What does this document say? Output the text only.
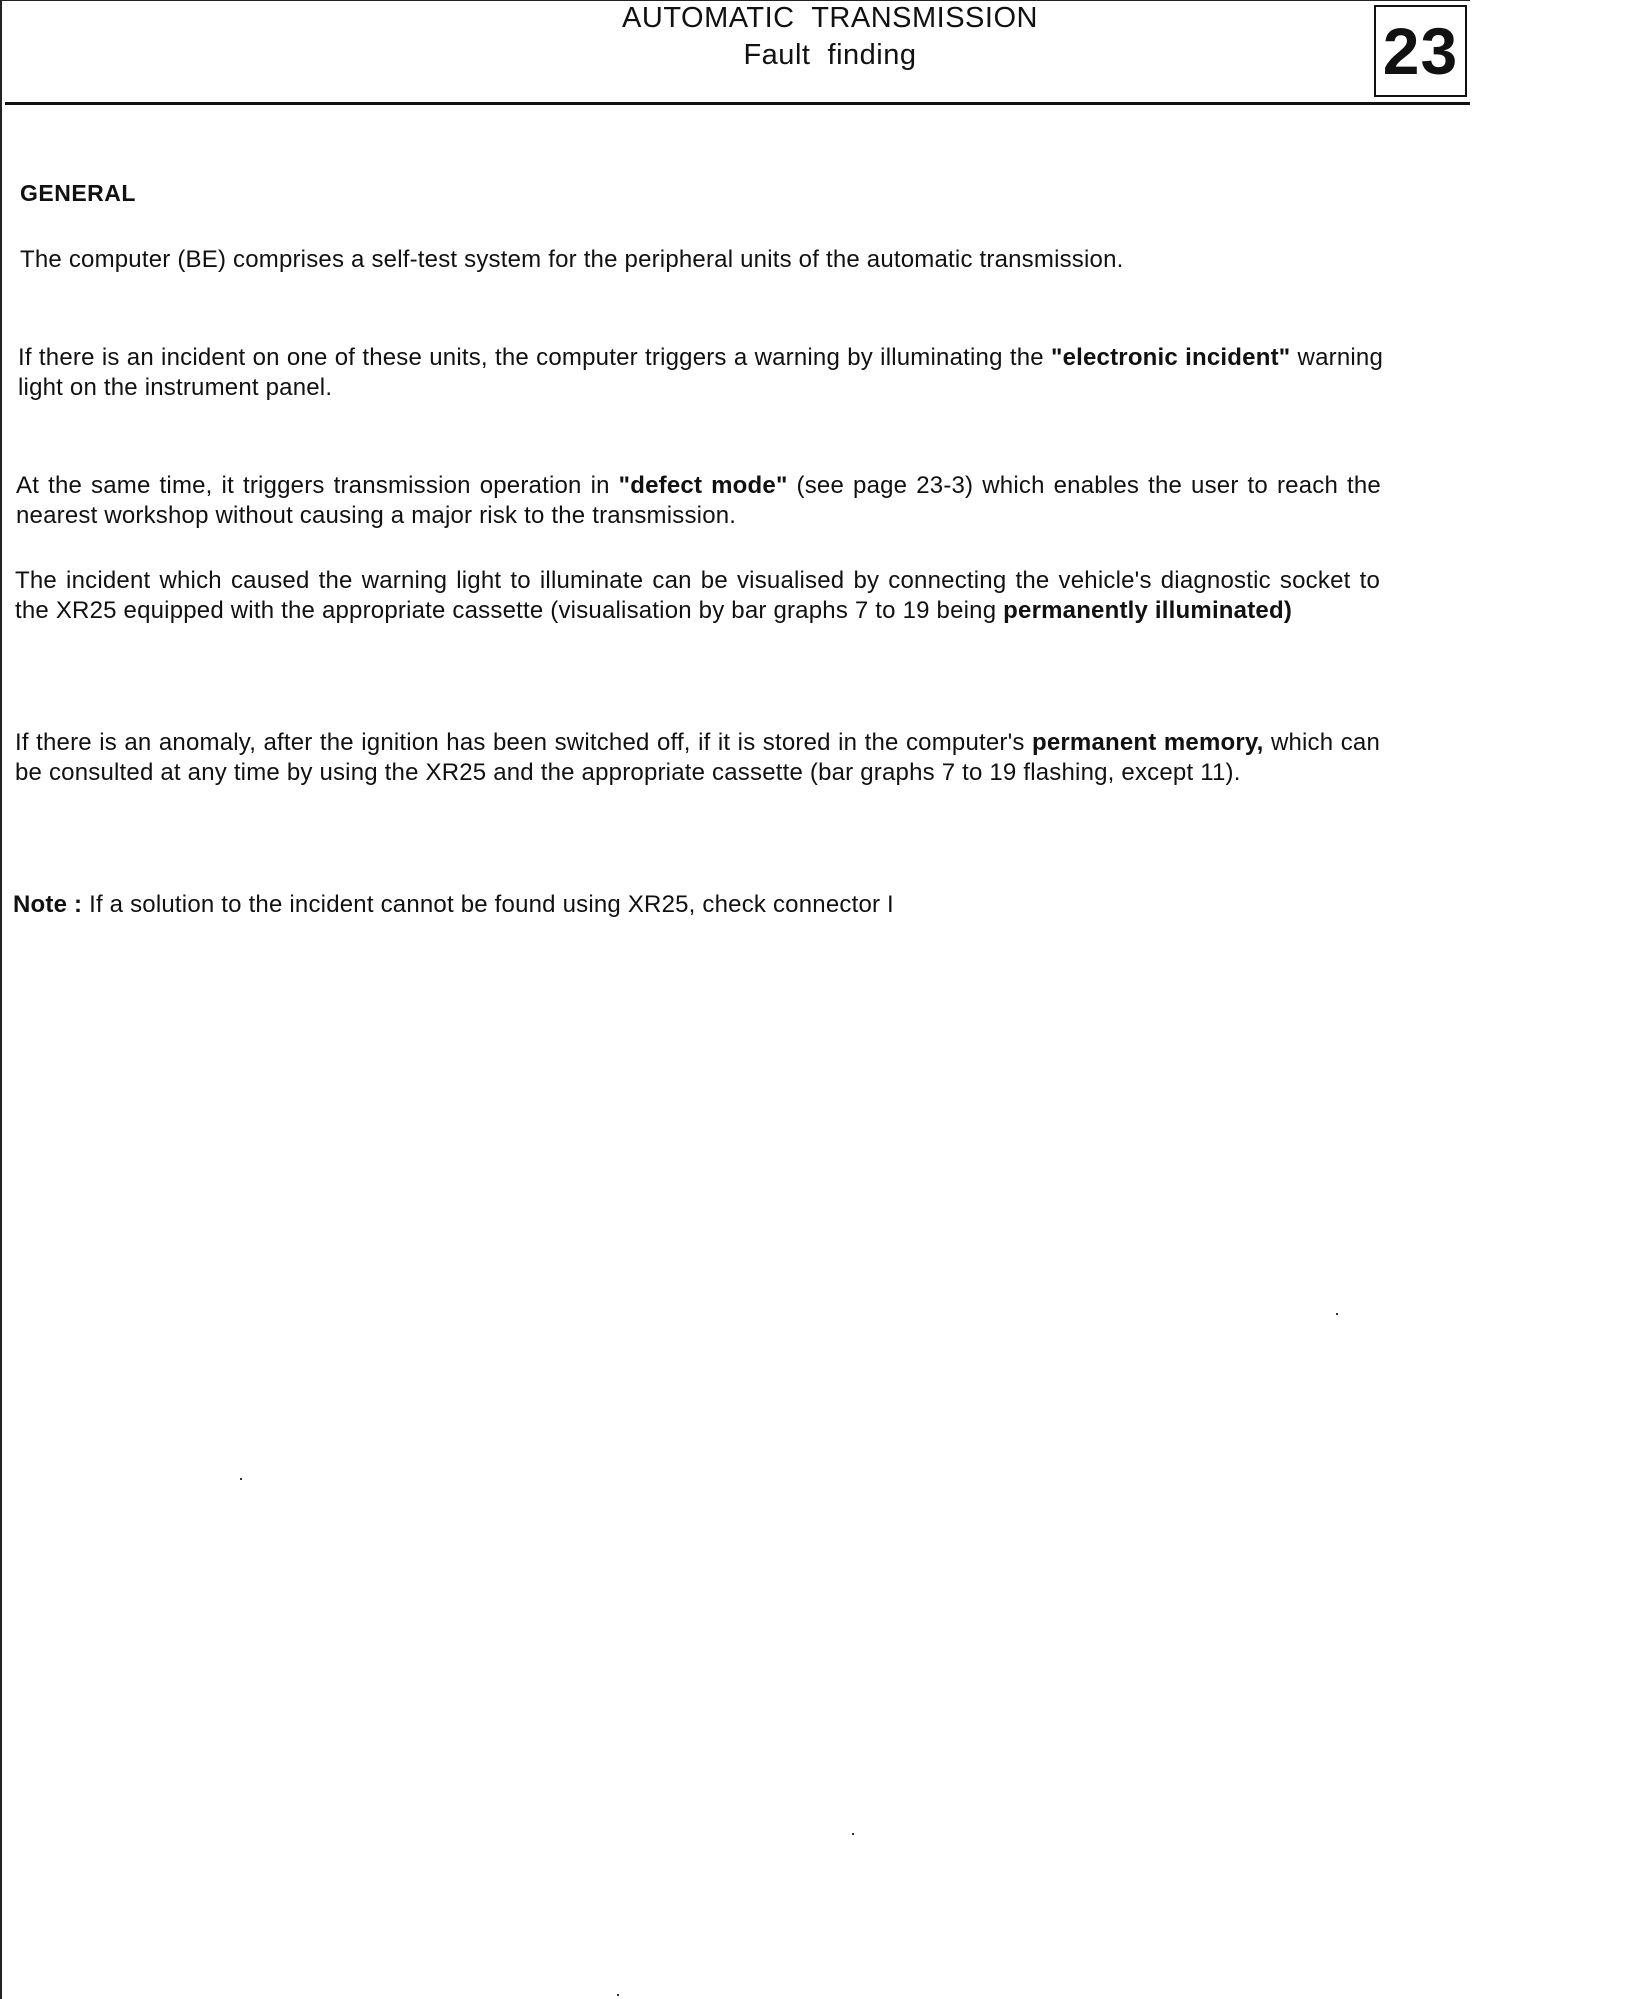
AUTOMATIC  TRANSMISSION
Fault  finding	23
GENERAL
The computer (BE) comprises a self-test system for the peripheral units of the automatic transmission.
If there is an incident on one of these units, the computer triggers a warning by illuminating the "electronic incident" warning light on the instrument panel.
At the same time, it triggers transmission operation in "defect mode" (see page 23-3) which enables the user to reach the nearest workshop without causing a major risk to the transmission.
The incident which caused the warning light to illuminate can be visualised by connecting the vehicle's diagnostic socket to the XR25 equipped with the appropriate cassette (visualisation by bar graphs 7 to 19 being permanently illuminated)
If there is an anomaly, after the ignition has been switched off, if it is stored in the computer's permanent memory, which can be consulted at any time by using the XR25 and the appropriate cassette (bar graphs 7 to 19 flashing, except 11).
Note : If a solution to the incident cannot be found using XR25, check connector I
